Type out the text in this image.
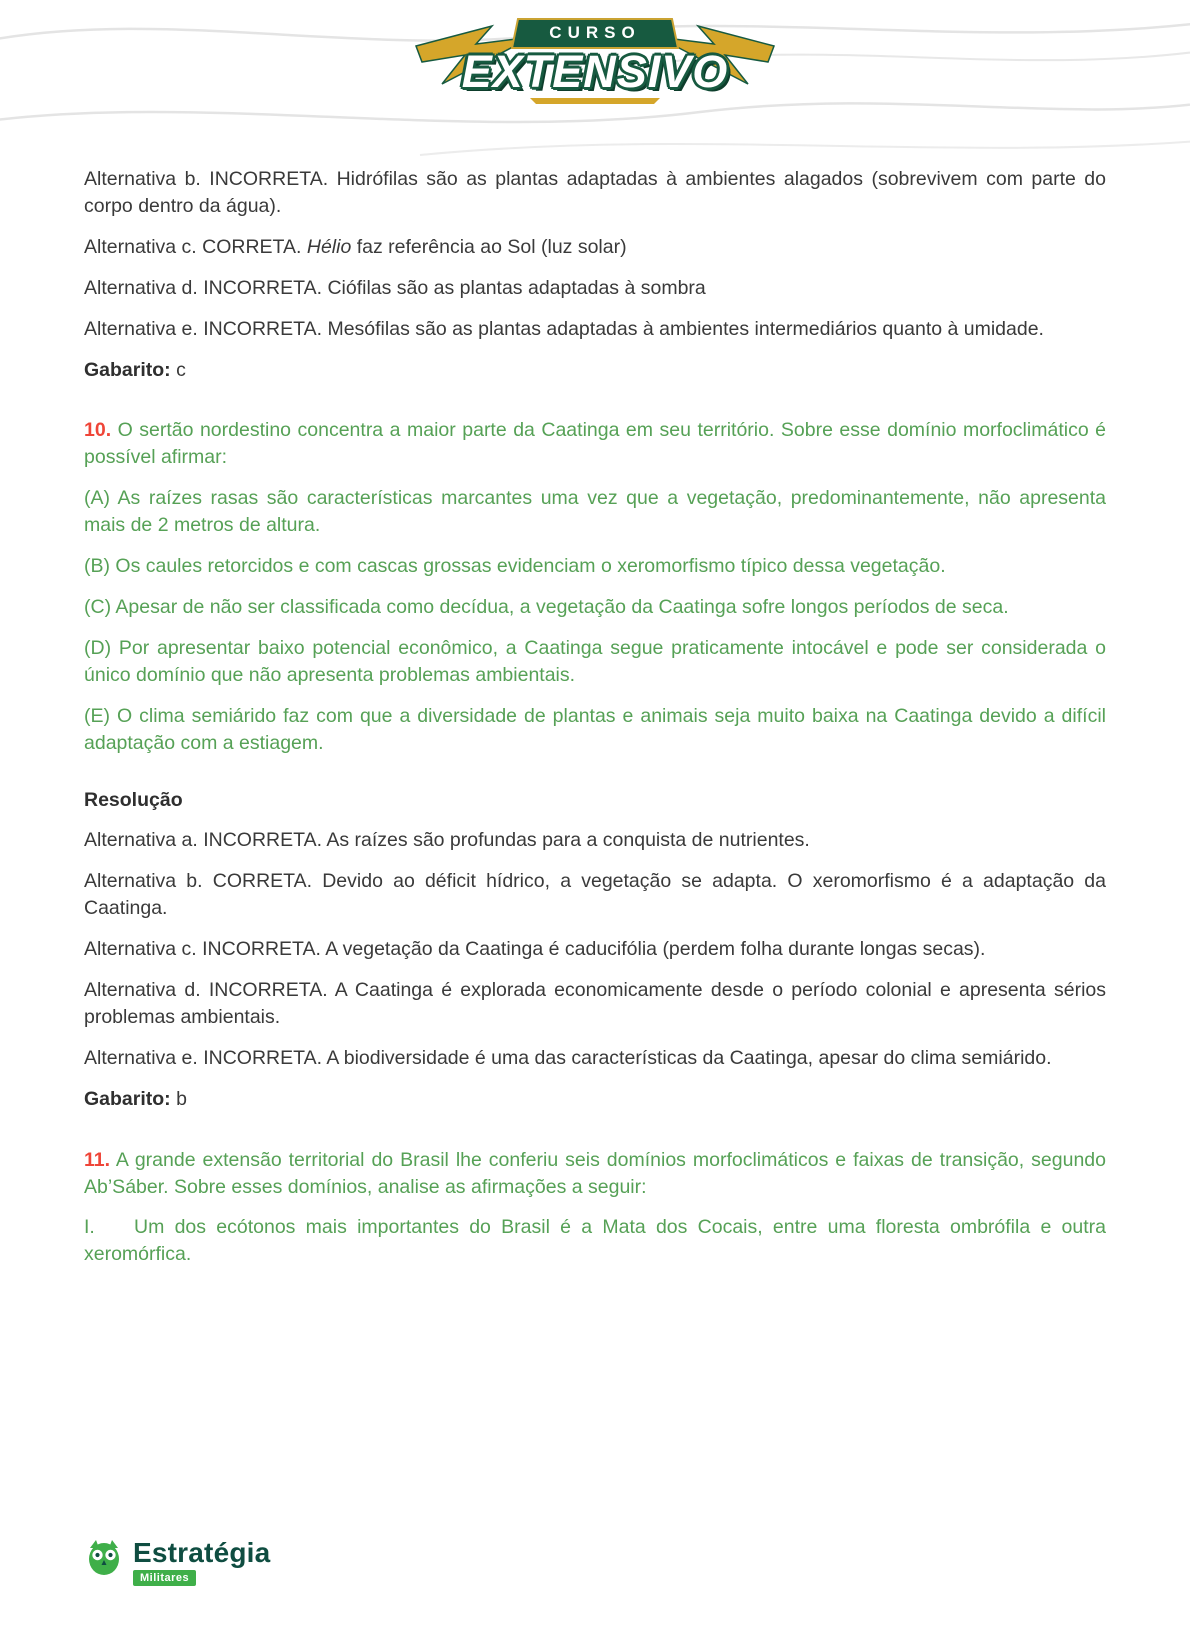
CURSO
EXTENSIVO

Alternativa b. INCORRETA. Hidrófilas são as plantas adaptadas à ambientes alagados (sobrevivem com parte do corpo dentro da água).

Alternativa c. CORRETA. Hélio faz referência ao Sol (luz solar)

Alternativa d. INCORRETA. Ciófilas são as plantas adaptadas à sombra

Alternativa e. INCORRETA. Mesófilas são as plantas adaptadas à ambientes intermediários quanto à umidade.

Gabarito: c

10. O sertão nordestino concentra a maior parte da Caatinga em seu território. Sobre esse domínio morfoclimático é possível afirmar:

(A) As raízes rasas são características marcantes uma vez que a vegetação, predominantemente, não apresenta mais de 2 metros de altura.

(B) Os caules retorcidos e com cascas grossas evidenciam o xeromorfismo típico dessa vegetação.

(C) Apesar de não ser classificada como decídua, a vegetação da Caatinga sofre longos períodos de seca.

(D) Por apresentar baixo potencial econômico, a Caatinga segue praticamente intocável e pode ser considerada o único domínio que não apresenta problemas ambientais.

(E) O clima semiárido faz com que a diversidade de plantas e animais seja muito baixa na Caatinga devido a difícil adaptação com a estiagem.

Resolução

Alternativa a. INCORRETA. As raízes são profundas para a conquista de nutrientes.

Alternativa b. CORRETA. Devido ao déficit hídrico, a vegetação se adapta. O xeromorfismo é a adaptação da Caatinga.

Alternativa c. INCORRETA. A vegetação da Caatinga é caducifólia (perdem folha durante longas secas).

Alternativa d. INCORRETA. A Caatinga é explorada economicamente desde o período colonial e apresenta sérios problemas ambientais.

Alternativa e. INCORRETA. A biodiversidade é uma das características da Caatinga, apesar do clima semiárido.

Gabarito: b

11. A grande extensão territorial do Brasil lhe conferiu seis domínios morfoclimáticos e faixas de transição, segundo Ab’Sáber. Sobre esses domínios, analise as afirmações a seguir:

I. Um dos ecótonos mais importantes do Brasil é a Mata dos Cocais, entre uma floresta ombrófila e outra xeromórfica.

Estratégia
Militares
